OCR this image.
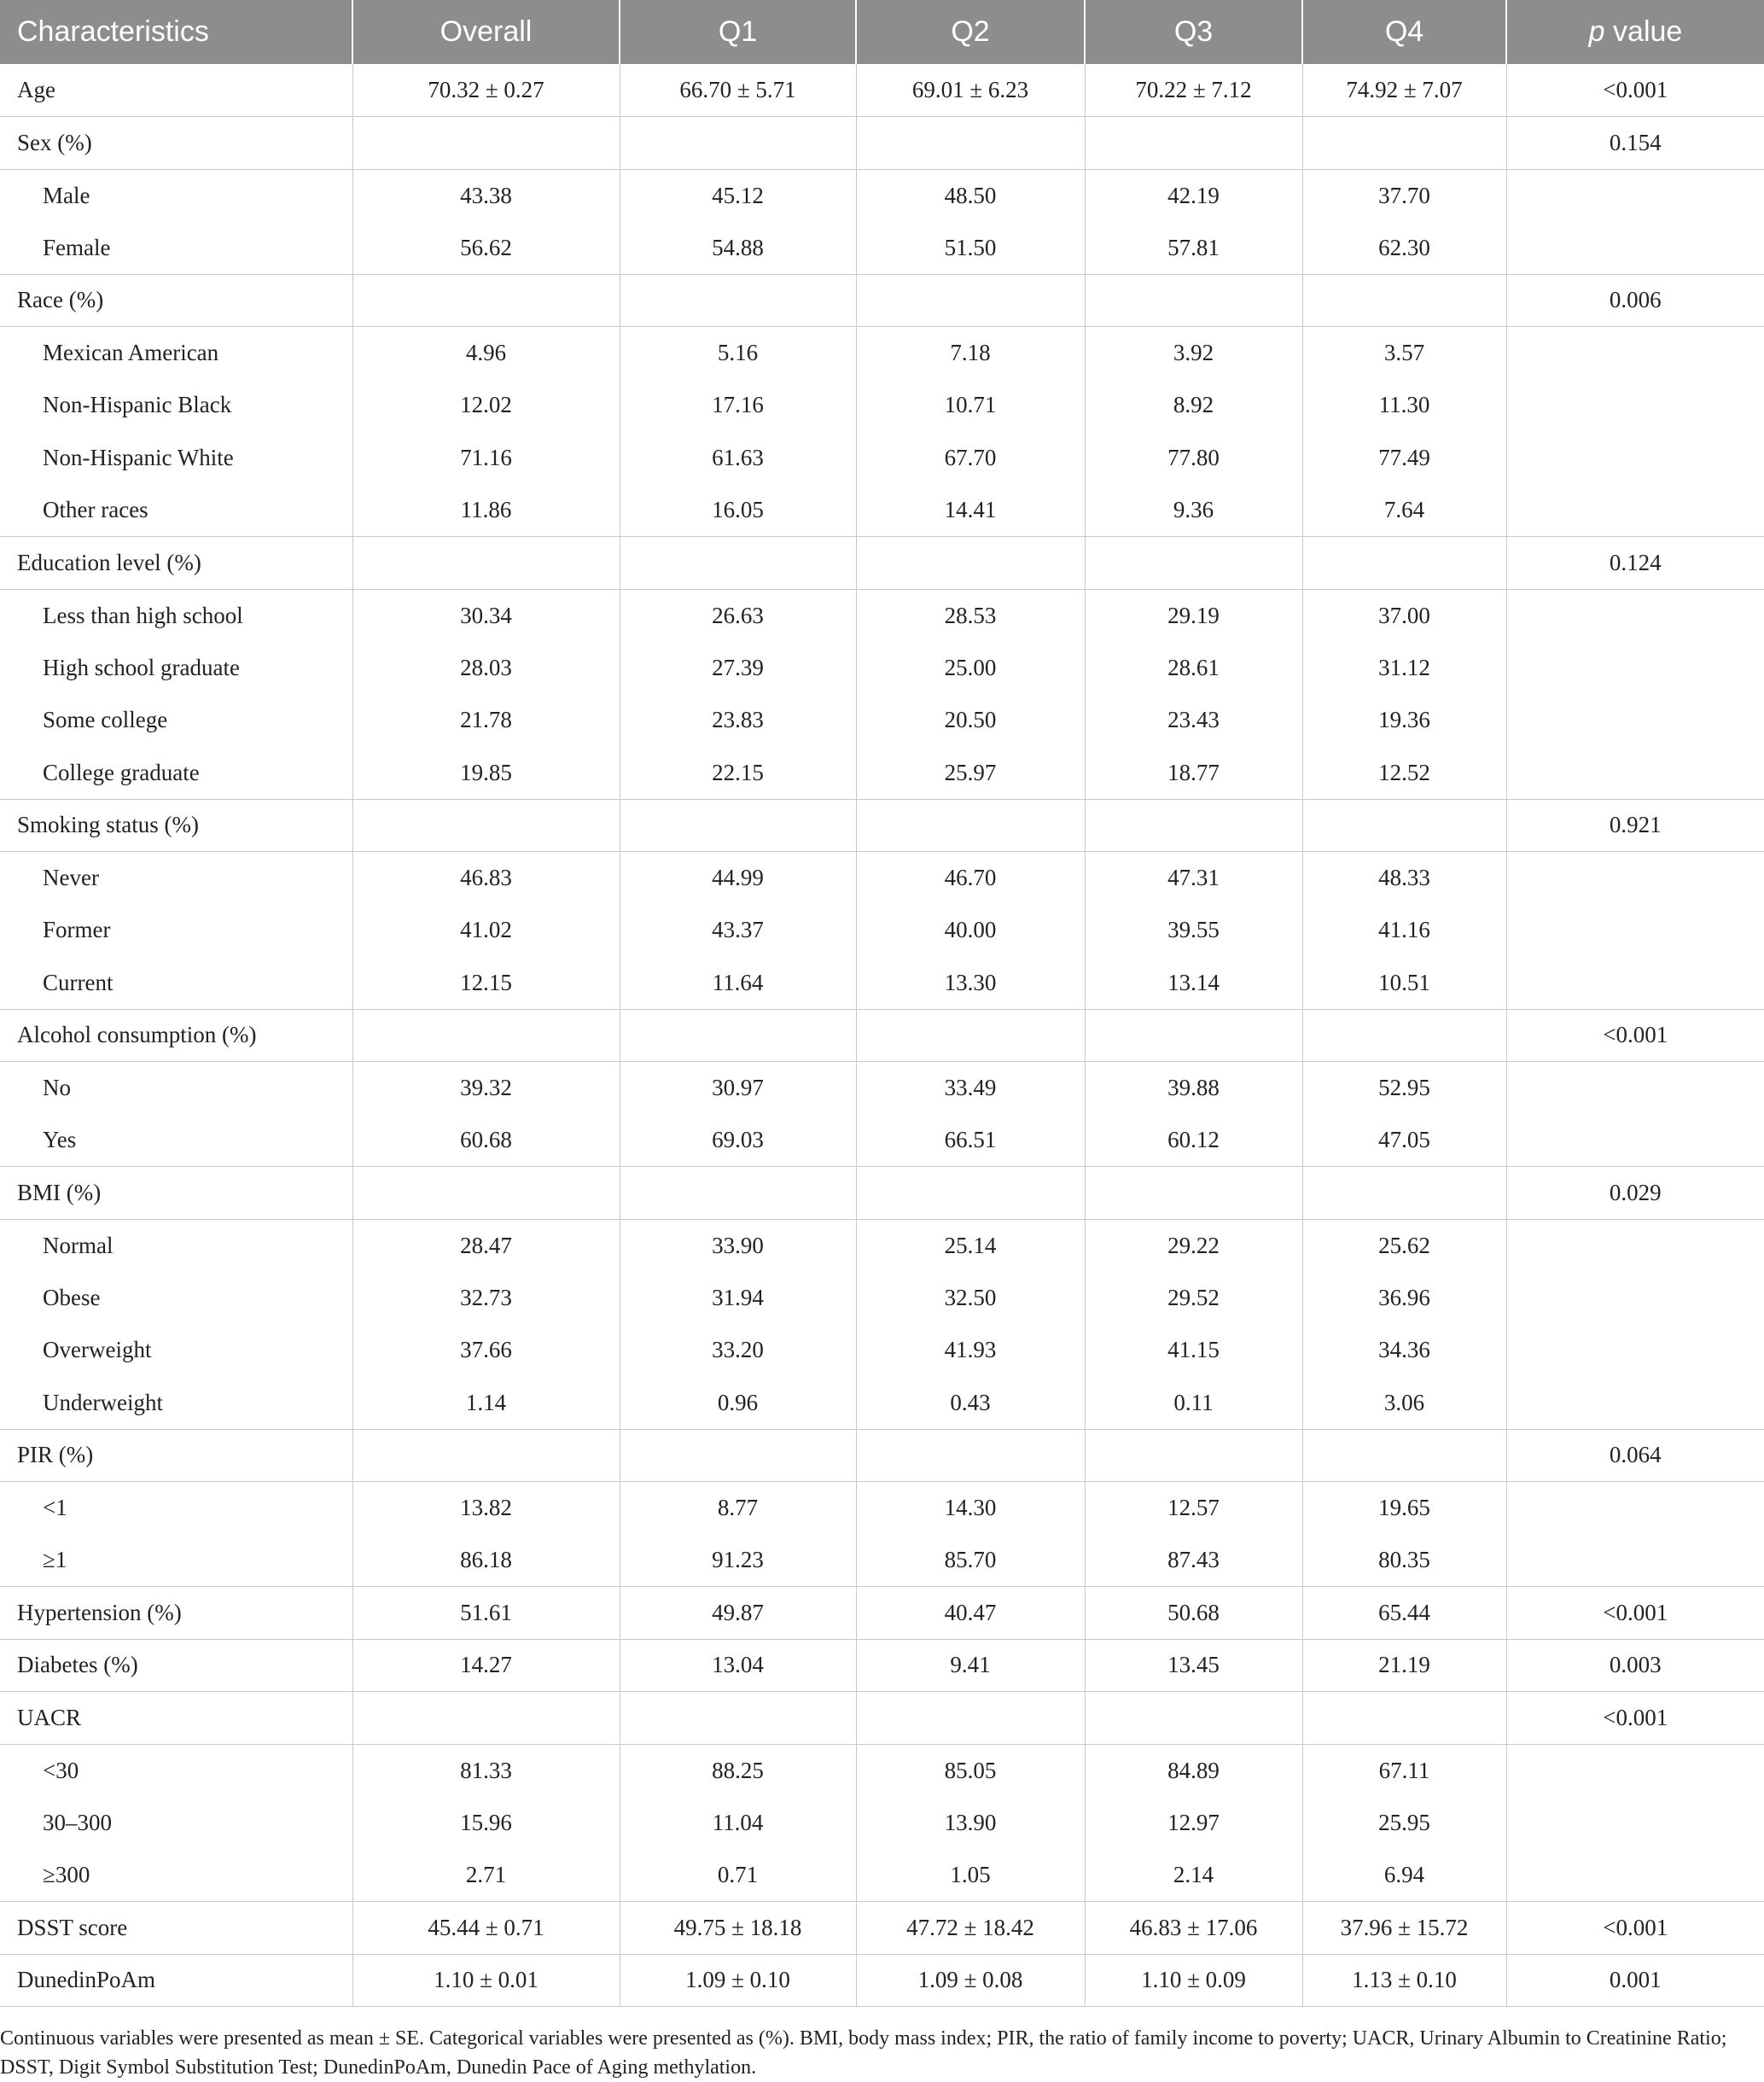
Characteristics	Overall	Q1	Q2	Q3	Q4	p value
Age	70.32 ± 0.27	66.70 ± 5.71	69.01 ± 6.23	70.22 ± 7.12	74.92 ± 7.07	<0.001
Sex (%)						0.154
Male	43.38	45.12	48.50	42.19	37.70	
Female	56.62	54.88	51.50	57.81	62.30	
Race (%)						0.006
Mexican American	4.96	5.16	7.18	3.92	3.57	
Non-Hispanic Black	12.02	17.16	10.71	8.92	11.30	
Non-Hispanic White	71.16	61.63	67.70	77.80	77.49	
Other races	11.86	16.05	14.41	9.36	7.64	
Education level (%)						0.124
Less than high school	30.34	26.63	28.53	29.19	37.00	
High school graduate	28.03	27.39	25.00	28.61	31.12	
Some college	21.78	23.83	20.50	23.43	19.36	
College graduate	19.85	22.15	25.97	18.77	12.52	
Smoking status (%)						0.921
Never	46.83	44.99	46.70	47.31	48.33	
Former	41.02	43.37	40.00	39.55	41.16	
Current	12.15	11.64	13.30	13.14	10.51	
Alcohol consumption (%)						<0.001
No	39.32	30.97	33.49	39.88	52.95	
Yes	60.68	69.03	66.51	60.12	47.05	
BMI (%)						0.029
Normal	28.47	33.90	25.14	29.22	25.62	
Obese	32.73	31.94	32.50	29.52	36.96	
Overweight	37.66	33.20	41.93	41.15	34.36	
Underweight	1.14	0.96	0.43	0.11	3.06	
PIR (%)						0.064
<1	13.82	8.77	14.30	12.57	19.65	
≥1	86.18	91.23	85.70	87.43	80.35	
Hypertension (%)	51.61	49.87	40.47	50.68	65.44	<0.001
Diabetes (%)	14.27	13.04	9.41	13.45	21.19	0.003
UACR						<0.001
<30	81.33	88.25	85.05	84.89	67.11	
30–300	15.96	11.04	13.90	12.97	25.95	
≥300	2.71	0.71	1.05	2.14	6.94	
DSST score	45.44 ± 0.71	49.75 ± 18.18	47.72 ± 18.42	46.83 ± 17.06	37.96 ± 15.72	<0.001
DunedinPoAm	1.10 ± 0.01	1.09 ± 0.10	1.09 ± 0.08	1.10 ± 0.09	1.13 ± 0.10	0.001
Continuous variables were presented as mean ± SE. Categorical variables were presented as (%). BMI, body mass index; PIR, the ratio of family income to poverty; UACR, Urinary Albumin to Creatinine Ratio; DSST, Digit Symbol Substitution Test; DunedinPoAm, Dunedin Pace of Aging methylation.
